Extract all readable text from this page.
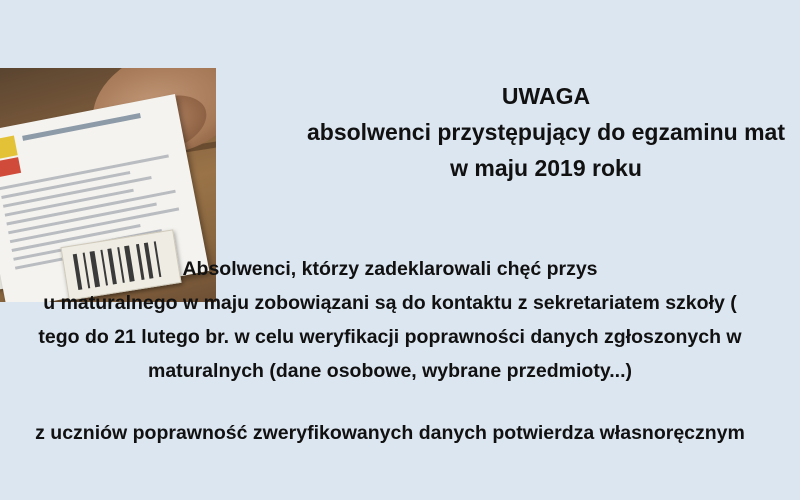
UWAGA
absolwenci przystępujący do egzaminu mat
w maju 2019 roku
Absolwenci, którzy zadeklarowali chęć przys
u maturalnego w maju zobowiązani są do kontaktu z sekretariatem szkoły (
tego do 21 lutego br. w celu weryfikacji poprawności danych zgłoszonych w
maturalnych (dane osobowe, wybrane przedmioty...)
z uczniów poprawność zweryfikowanych danych potwierdza własnoręcznym
